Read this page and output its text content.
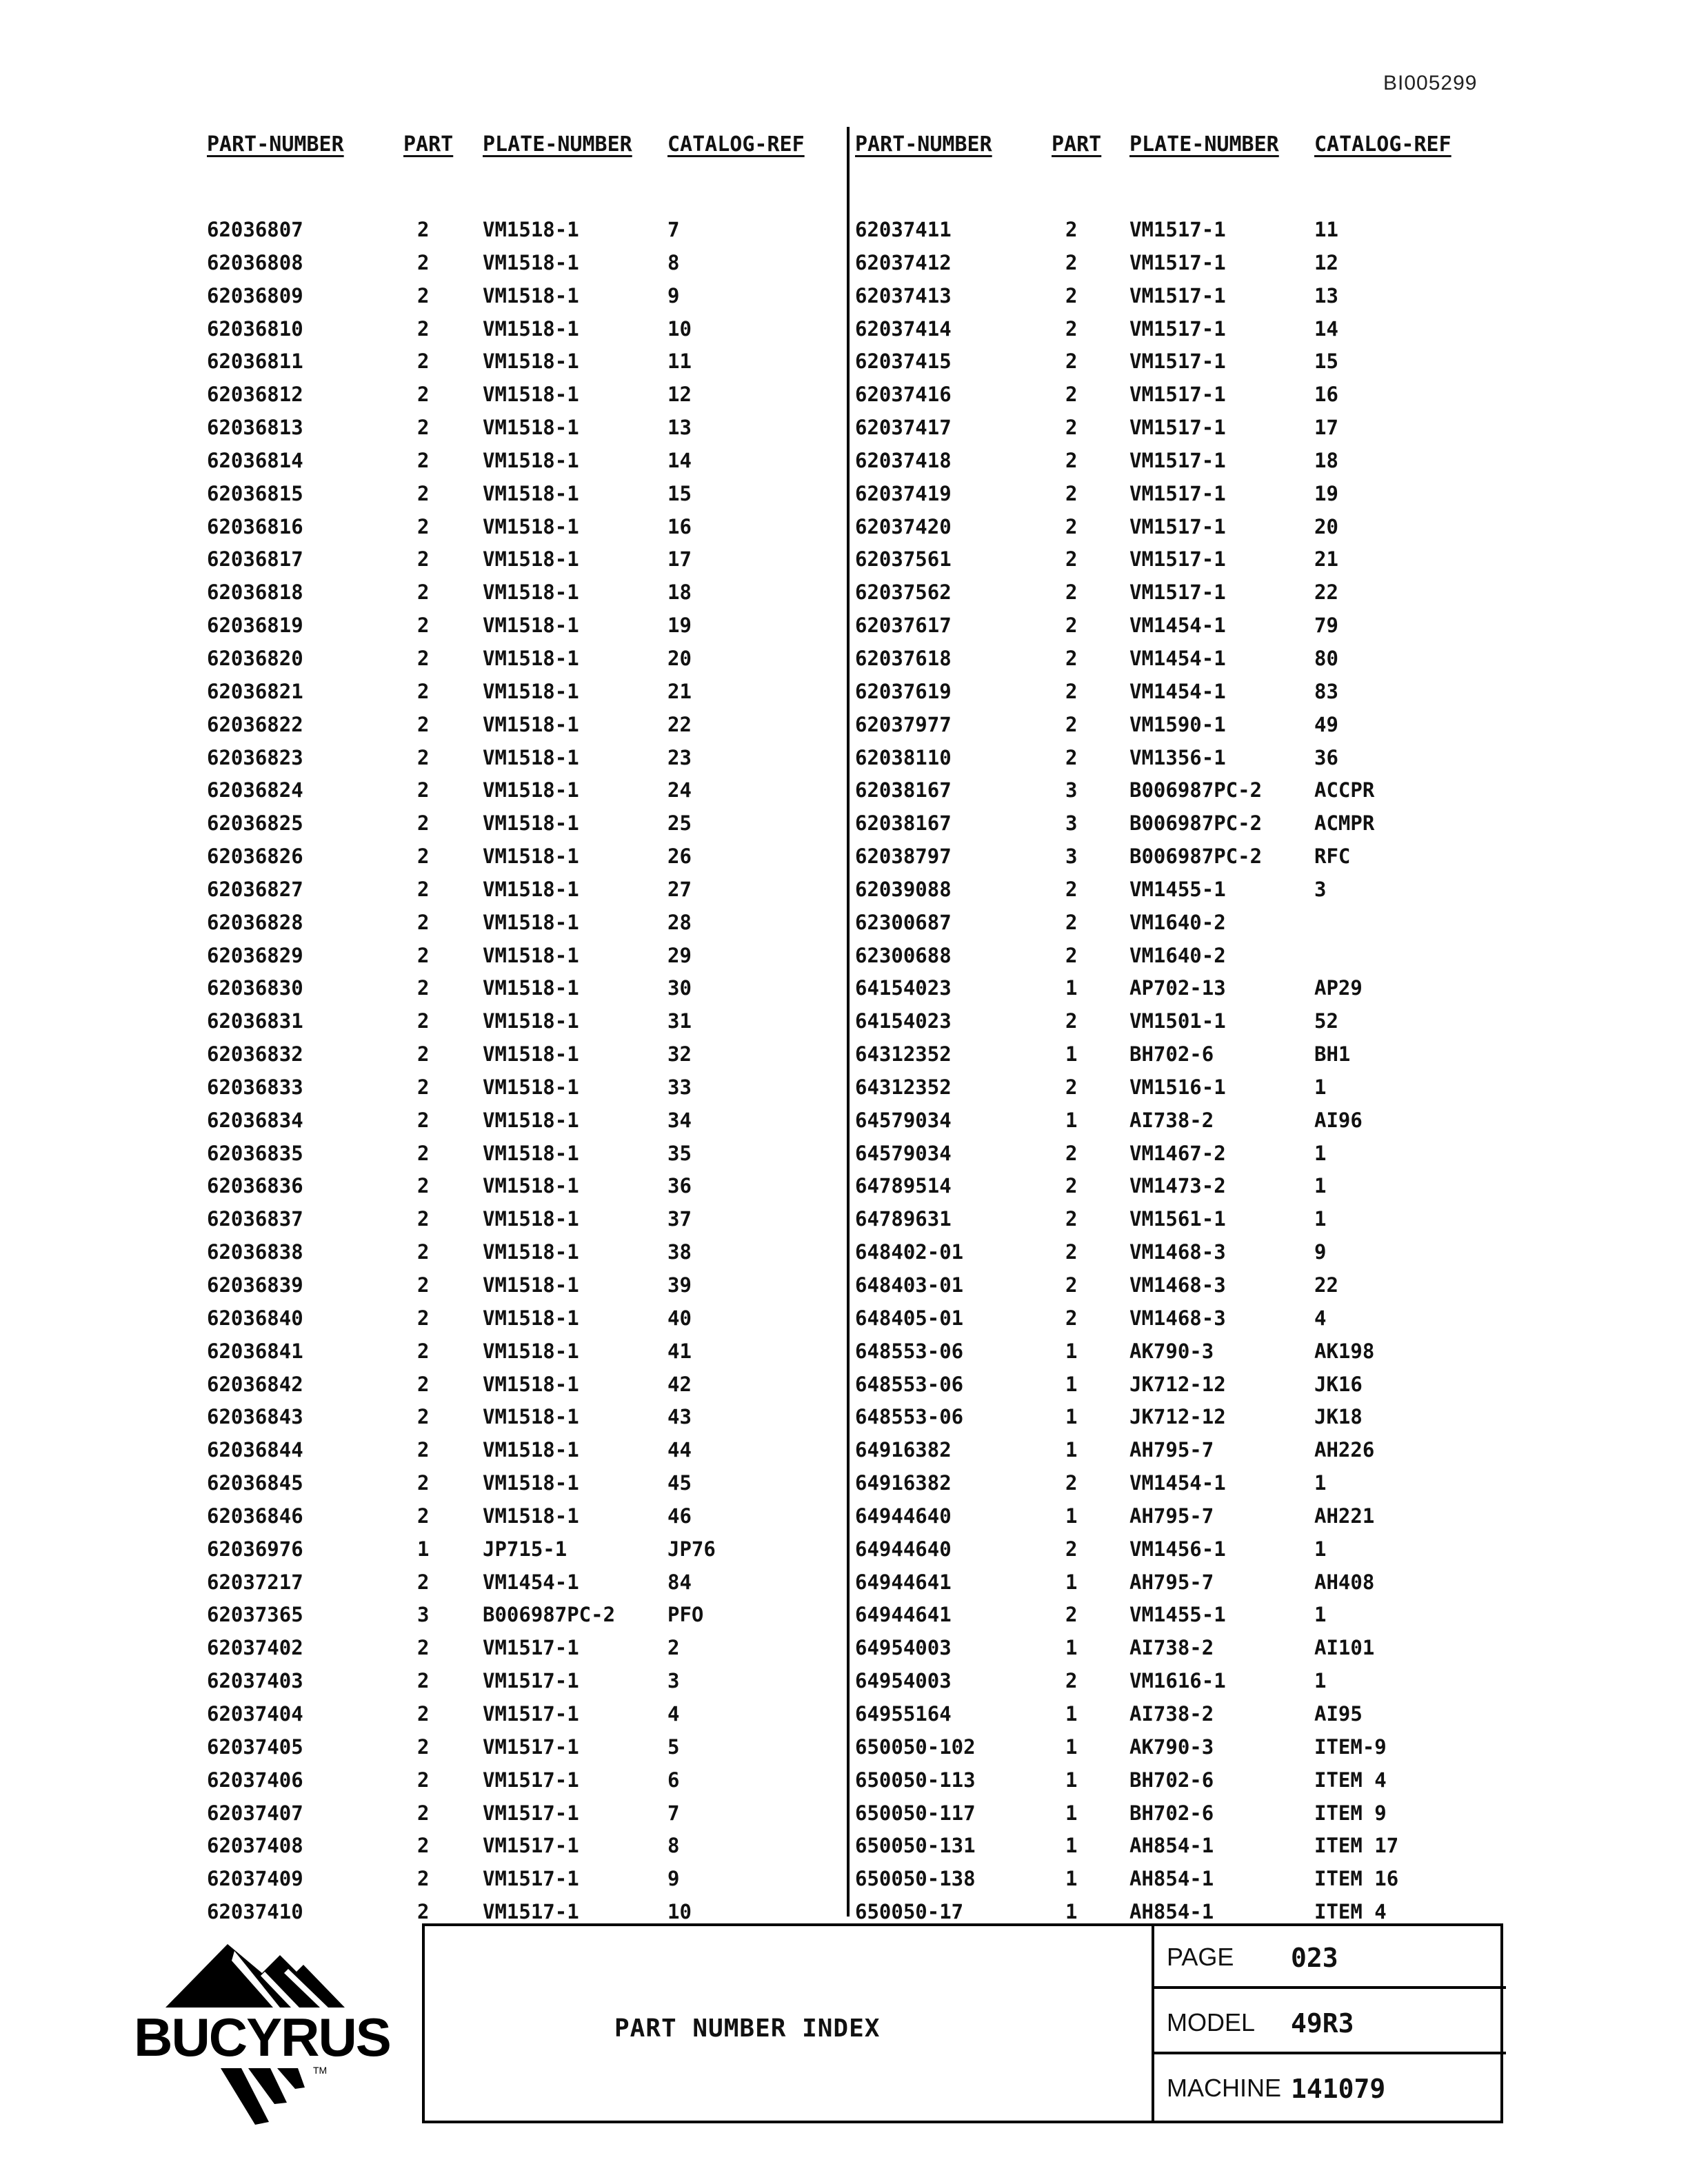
BI005299
PART-NUMBER	PART PLATE-NUMBER CATALOG-REF
62036807	2	VM1518-1	7
62036808	2	VM1518-1	8
62036809	2	VM1518-1	9
62036810	2	VM1518-1	10
62036811	2	VM1518-1	11
62036812	2	VM1518-1	12
62036813	2	VM1518-1	13
62036814	2	VM1518-1	14
62036815	2	VM1518-1	15
62036816	2	VM1518-1	16
62036817	2	VM1518-1	17
62036818	2	VM1518-1	18
62036819	2	VM1518-1	19
62036820	2	VM1518-1	20
62036821	2	VM1518-1	21
62036822	2	VM1518-1	22
62036823	2	VM1518-1	23
62036824	2	VM1518-1	24
62036825	2	VM1518-1	25
62036826	2	VM1518-1	26
62036827	2	VM1518-1	27
62036828	2	VM1518-1	28
62036829	2	VM1518-1	29
62036830	2	VM1518-1	30
62036831	2	VM1518-1	31
62036832	2	VM1518-1	32
62036833	2	VM1518-1	33
62036834	2	VM1518-1	34
62036835	2	VM1518-1	35
62036836	2	VM1518-1	36
62036837	2	VM1518-1	37
62036838	2	VM1518-1	38
62036839	2	VM1518-1	39
62036840	2	VM1518-1	40
62036841	2	VM1518-1	41
62036842	2	VM1518-1	42
62036843	2	VM1518-1	43
62036844	2	VM1518-1	44
62036845	2	VM1518-1	45
62036846	2	VM1518-1	46
62036976	1	JP715-1	JP76
62037217	2	VM1454-1	84
62037365	3	B006987PC-2	PFO
62037402	2	VM1517-1	2
62037403	2	VM1517-1	3
62037404	2	VM1517-1	4
62037405	2	VM1517-1	5
62037406	2	VM1517-1	6
62037407	2	VM1517-1	7
62037408	2	VM1517-1	8
62037409	2	VM1517-1	9
62037410	2	VM1517-1	10
PART-NUMBER	PART PLATE-NUMBER CATALOG-REF
62037411	2	VM1517-1	11
62037412	2	VM1517-1	12
62037413	2	VM1517-1	13
62037414	2	VM1517-1	14
62037415	2	VM1517-1	15
62037416	2	VM1517-1	16
62037417	2	VM1517-1	17
62037418	2	VM1517-1	18
62037419	2	VM1517-1	19
62037420	2	VM1517-1	20
62037561	2	VM1517-1	21
62037562	2	VM1517-1	22
62037617	2	VM1454-1	79
62037618	2	VM1454-1	80
62037619	2	VM1454-1	83
62037977	2	VM1590-1	49
62038110	2	VM1356-1	36
62038167	3	B006987PC-2	ACCPR
62038167	3	B006987PC-2	ACMPR
62038797	3	B006987PC-2	RFC
62039088	2	VM1455-1	3
62300687	2	VM1640-2
62300688	2	VM1640-2
64154023	1	AP702-13	AP29
64154023	2	VM1501-1	52
64312352	1	BH702-6	BH1
64312352	2	VM1516-1	1
64579034	1	AI738-2	AI96
64579034	2	VM1467-2	1
64789514	2	VM1473-2	1
64789631	2	VM1561-1	1
648402-01	2	VM1468-3	9
648403-01	2	VM1468-3	22
648405-01	2	VM1468-3	4
648553-06	1	AK790-3	AK198
648553-06	1	JK712-12	JK16
648553-06	1	JK712-12	JK18
64916382	1	AH795-7	AH226
64916382	2	VM1454-1	1
64944640	1	AH795-7	AH221
64944640	2	VM1456-1	1
64944641	1	AH795-7	AH408
64944641	2	VM1455-1	1
64954003	1	AI738-2	AI101
64954003	2	VM1616-1	1
64955164	1	AI738-2	AI95
650050-102	1	AK790-3	ITEM-9
650050-113	1	BH702-6	ITEM 4
650050-117	1	BH702-6	ITEM 9
650050-131	1	AH854-1	ITEM 17
650050-138	1	AH854-1	ITEM 16
650050-17	1	AH854-1	ITEM 4
BUCYRUS
TM
PART NUMBER INDEX
PAGE 023
MODEL 49R3
MACHINE 141079
